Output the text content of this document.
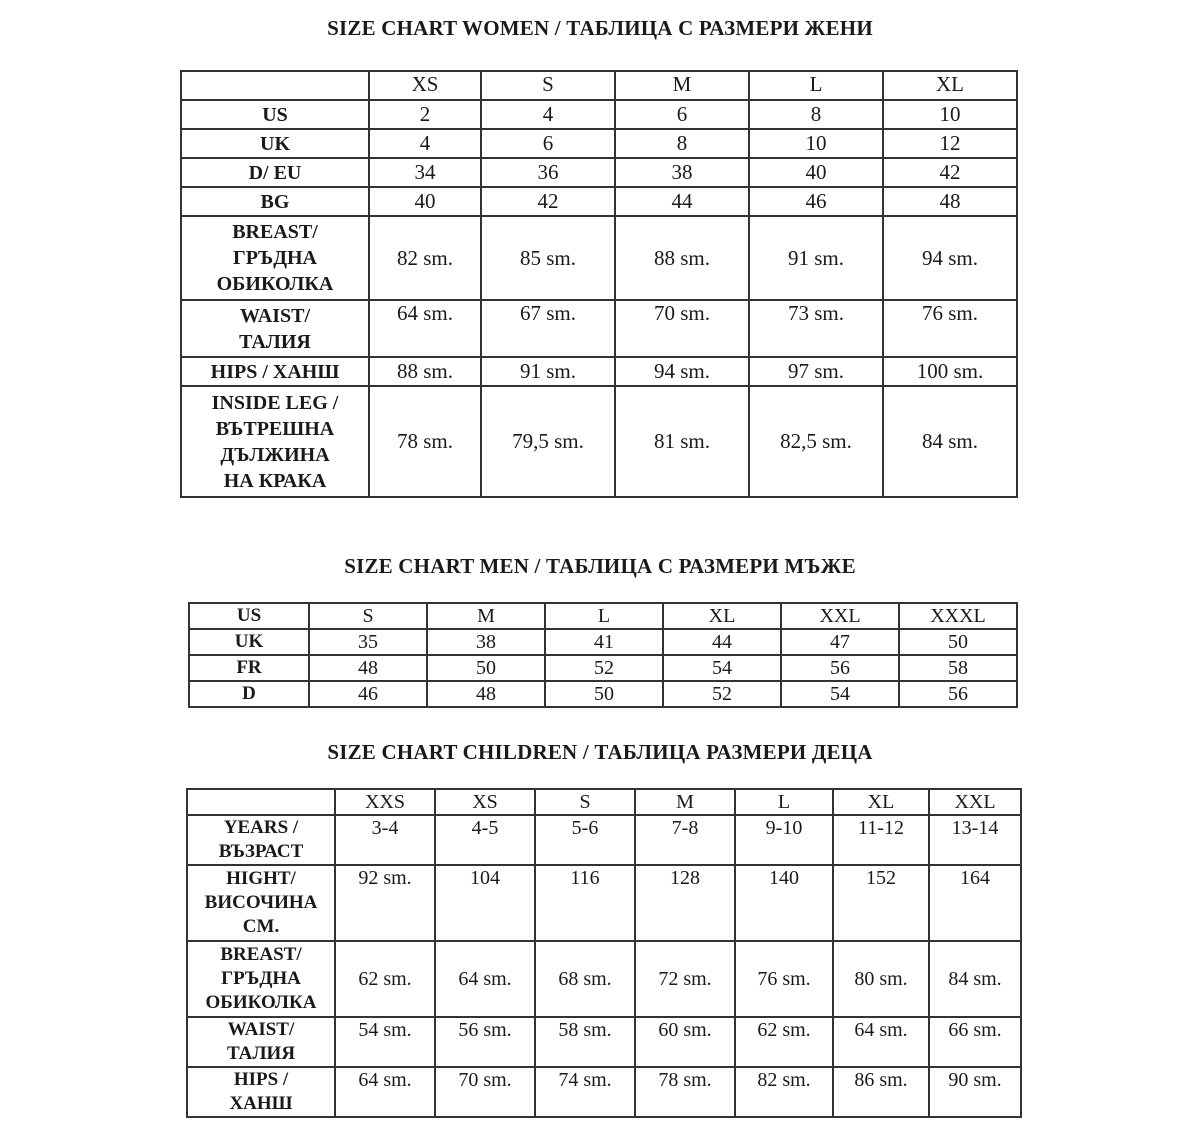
SIZE CHART WOMEN / ТАБЛИЦА С РАЗМЕРИ ЖЕНИ
	XS	S	M	L	XL
US	2	4	6	8	10
UK	4	6	8	10	12
D/ EU	34	36	38	40	42
BG	40	42	44	46	48
BREAST/
ГРЪДНА
ОБИКОЛКА	82 sm.	85 sm.	88 sm.	91 sm.	94 sm.
WAIST/
ТАЛИЯ	64 sm.	67 sm.	70 sm.	73 sm.	76 sm.
HIPS / ХАНШ	88 sm.	91 sm.	94 sm.	97 sm.	100 sm.
INSIDE LEG /
ВЪТРЕШНА
ДЪЛЖИНА
НА КРАКА	78 sm.	79,5 sm.	81 sm.	82,5 sm.	84 sm.
SIZE CHART MEN / ТАБЛИЦА С РАЗМЕРИ МЪЖЕ
US	S	M	L	XL	XXL	XXXL
UK	35	38	41	44	47	50
FR	48	50	52	54	56	58
D	46	48	50	52	54	56
SIZE CHART CHILDREN / ТАБЛИЦА РАЗМЕРИ ДЕЦА
	XXS	XS	S	M	L	XL	XXL
YEARS /
ВЪЗРАСТ	3-4	4-5	5-6	7-8	9-10	11-12	13-14
HIGHT/
ВИСОЧИНА
СМ.	92 sm.	104	116	128	140	152	164
BREAST/
ГРЪДНА
ОБИКОЛКА	62 sm.	64 sm.	68 sm.	72 sm.	76 sm.	80 sm.	84 sm.
WAIST/
ТАЛИЯ	54 sm.	56 sm.	58 sm.	60 sm.	62 sm.	64 sm.	66 sm.
HIPS /
ХАНШ	64 sm.	70 sm.	74 sm.	78 sm.	82 sm.	86 sm.	90 sm.
